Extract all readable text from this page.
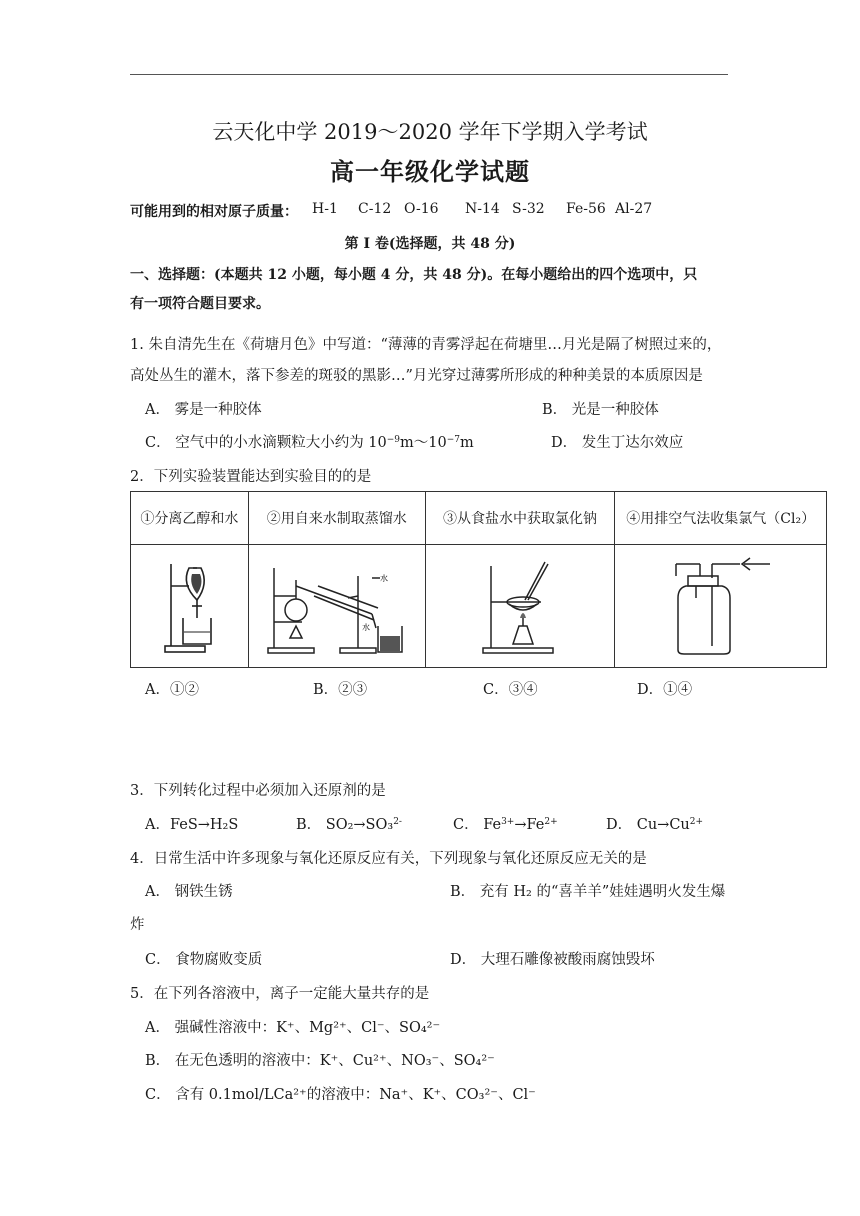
云天化中学 2019～2020 学年下学期入学考试
高一年级化学试题
可能用到的相对原子质量： H-1 C-12 O-16 N-14 S-32 Fe-56 Al-27
第 I 卷(选择题，共 48 分)
一、选择题：(本题共 12 小题，每小题 4 分，共 48 分)。在每小题给出的四个选项中，只
有一项符合题目要求。
1. 朱自清先生在《荷塘月色》中写道：“薄薄的青雾浮起在荷塘里…月光是隔了树照过来的，
高处丛生的灌木，落下参差的斑驳的黑影…”月光穿过薄雾所形成的种种美景的本质原因是
A． 雾是一种胶体	B． 光是一种胶体
C． 空气中的小水滴颗粒大小约为 $10^{-9}m\sim 10^{-7}m$	D． 发生丁达尔效应
2．下列实验装置能达到实验目的的是
①分离乙醇和水	②用自来水制取蒸馏水	③从食盐水中获取氯化钠	④用排空气法收集氯气（Cl₂）

水
水

A．①②	B．②③	C．③④	D．①④
3．下列转化过程中必须加入还原剂的是
A．FeS→H₂S	B． SO₂→SO₃$^{2-}$	C． $Fe^{3+}\to Fe^{2+}$	D． $Cu\to Cu^{2+}$
4．日常生活中许多现象与氧化还原反应有关，下列现象与氧化还原反应无关的是
A． 钢铁生锈	B． 充有 H₂ 的“喜羊羊”娃娃遇明火发生爆
炸
C． 食物腐败变质	D． 大理石雕像被酸雨腐蚀毁坏
5．在下列各溶液中，离子一定能大量共存的是
A． 强碱性溶液中：K⁺、Mg²⁺、Cl⁻、SO₄²⁻
B． 在无色透明的溶液中：K⁺、Cu²⁺、NO₃⁻、SO₄²⁻
C． 含有 0.1mol/LCa²⁺的溶液中：Na⁺、K⁺、CO₃²⁻、Cl⁻
